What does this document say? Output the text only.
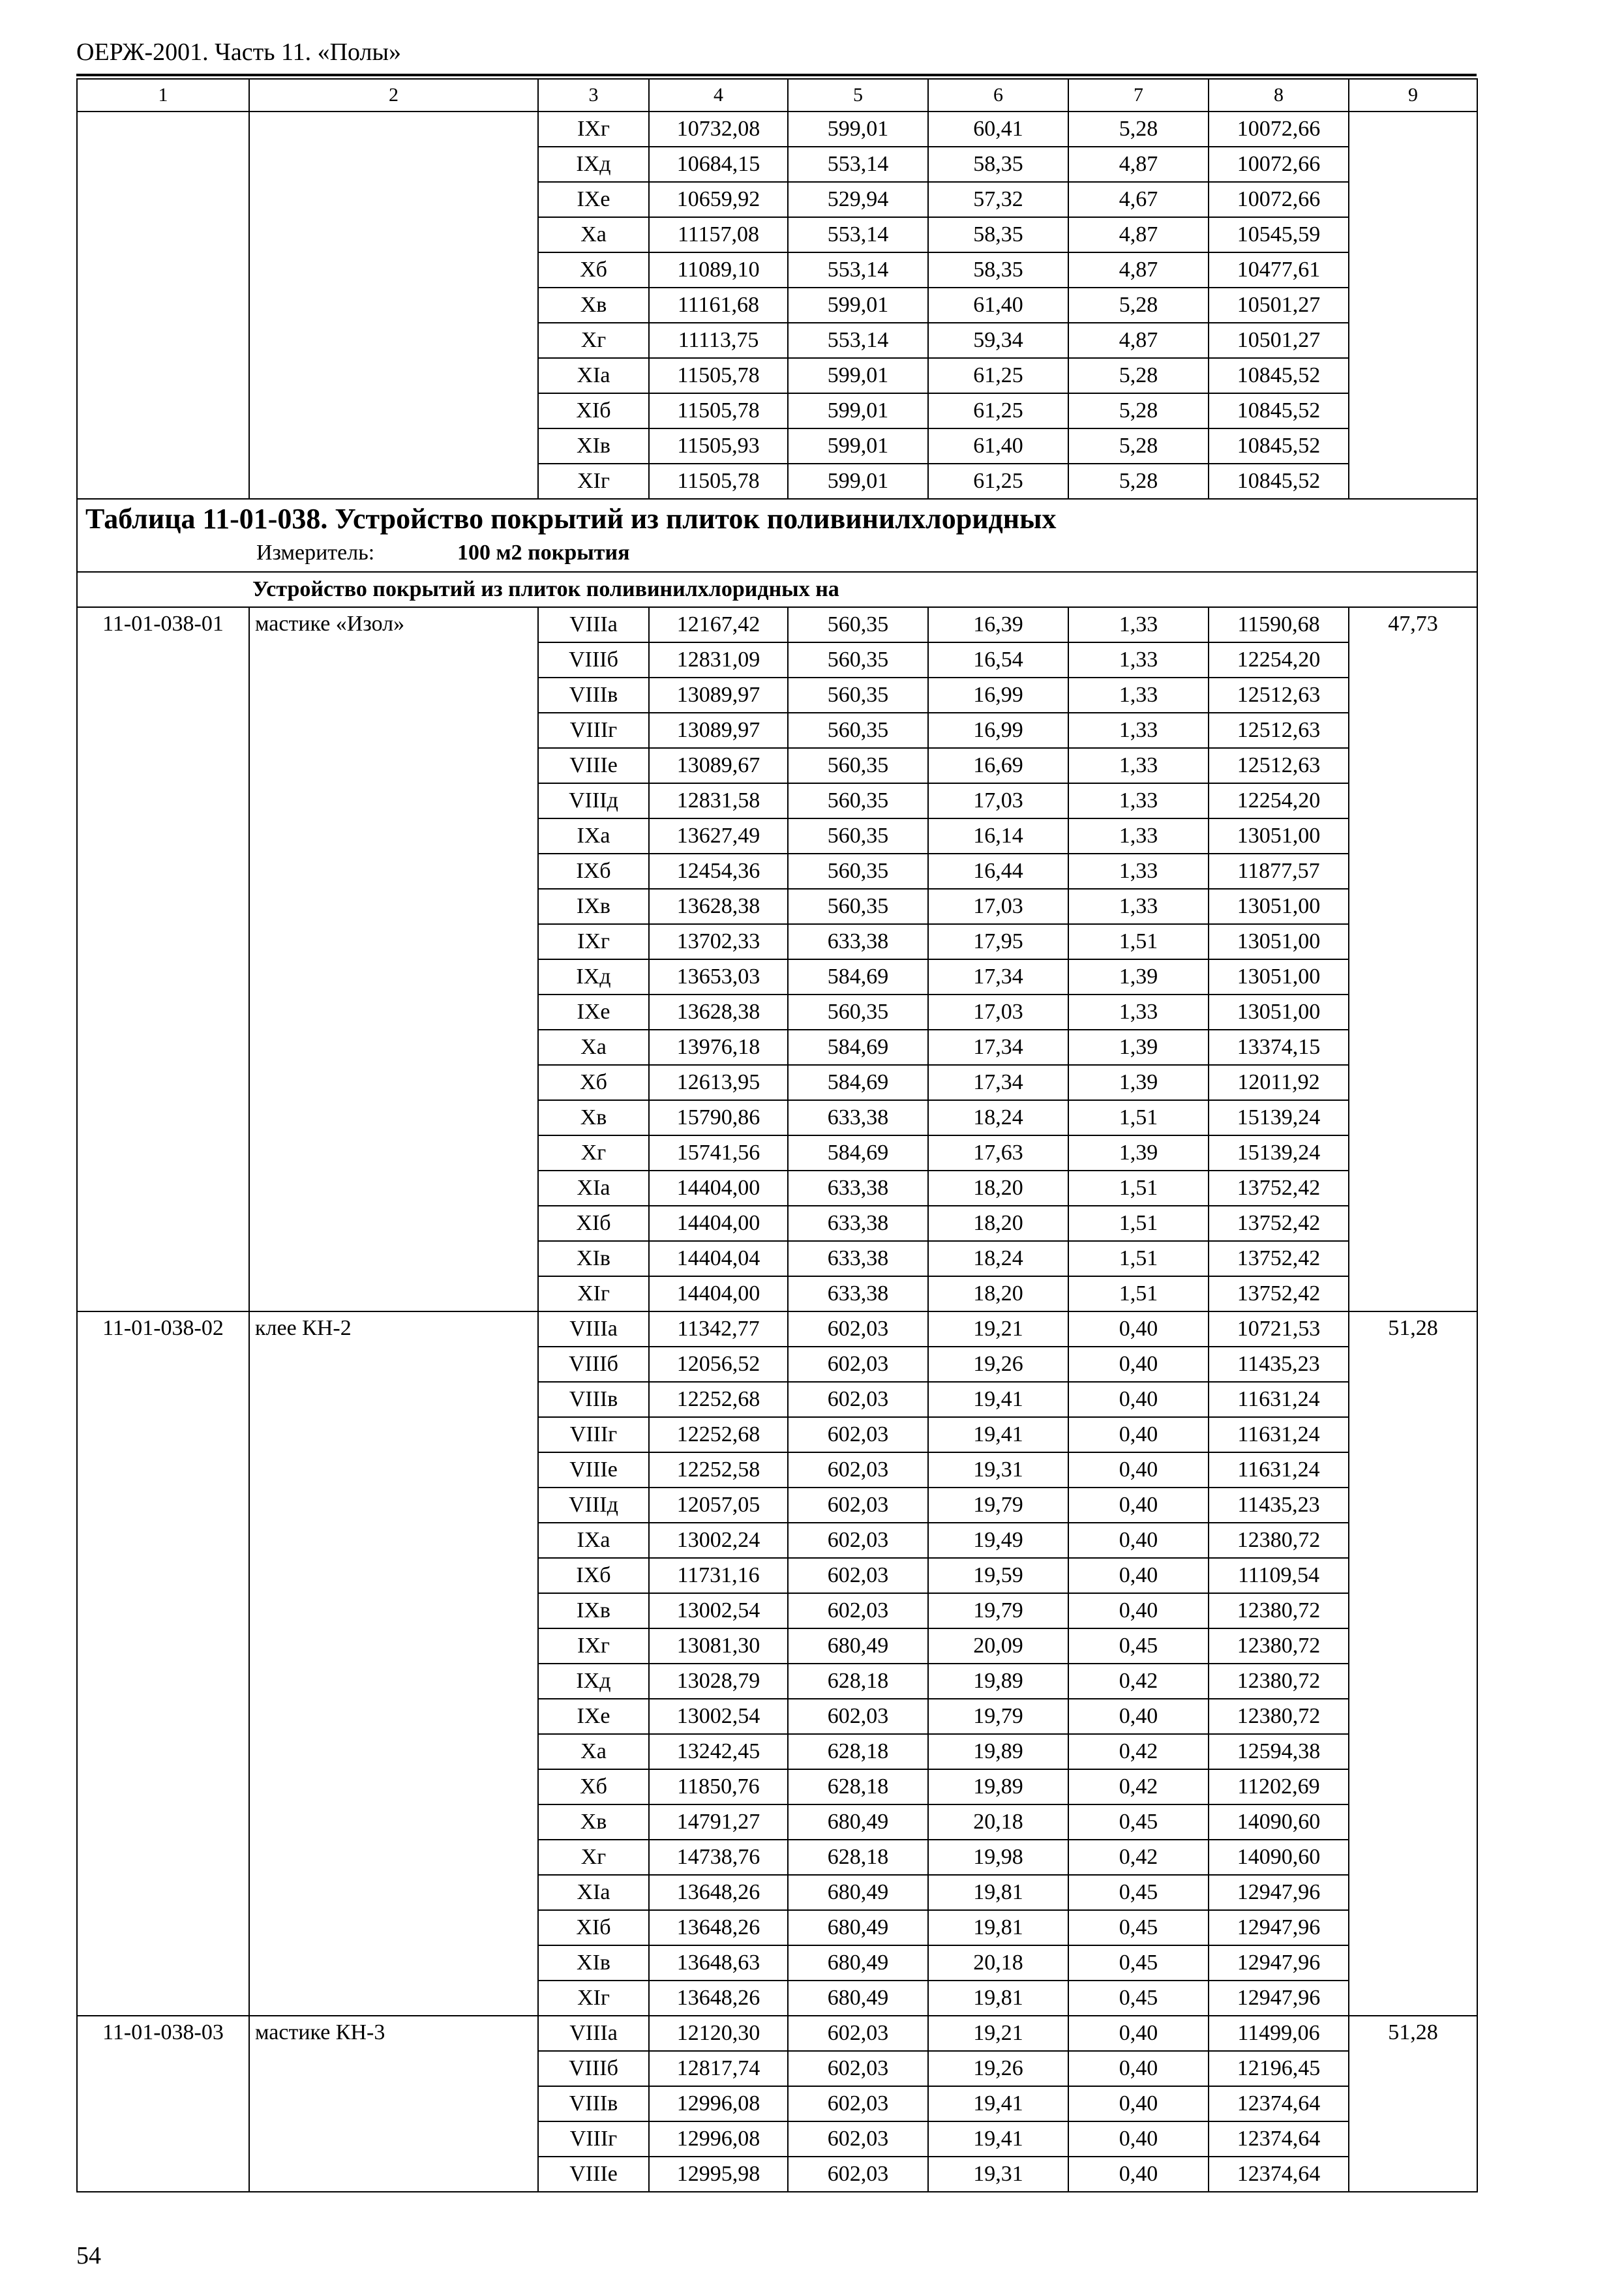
ОЕРЖ-2001. Часть 11. «Полы»
1	2	3	4	5	6	7	8	9
		IXг	10732,08	599,01	60,41	5,28	10072,66	
		IXд	10684,15	553,14	58,35	4,87	10072,66	
		IXе	10659,92	529,94	57,32	4,67	10072,66	
		Xа	11157,08	553,14	58,35	4,87	10545,59	
		Xб	11089,10	553,14	58,35	4,87	10477,61	
		Xв	11161,68	599,01	61,40	5,28	10501,27	
		Xг	11113,75	553,14	59,34	4,87	10501,27	
		XIа	11505,78	599,01	61,25	5,28	10845,52	
		XIб	11505,78	599,01	61,25	5,28	10845,52	
		XIв	11505,93	599,01	61,40	5,28	10845,52	
		XIг	11505,78	599,01	61,25	5,28	10845,52	

Таблица 11-01-038. Устройство покрытий из плиток поливинилхлоридных
Измеритель: 100 м2 покрытия								

Устройство покрытий из плиток поливинилхлоридных на								
11-01-038-01	мастике «Изол»	VIIIа	12167,42	560,35	16,39	1,33	11590,68	47,73
		VIIIб	12831,09	560,35	16,54	1,33	12254,20	
		VIIIв	13089,97	560,35	16,99	1,33	12512,63	
		VIIIг	13089,97	560,35	16,99	1,33	12512,63	
		VIIIе	13089,67	560,35	16,69	1,33	12512,63	
		VIIIд	12831,58	560,35	17,03	1,33	12254,20	
		IXа	13627,49	560,35	16,14	1,33	13051,00	
		IXб	12454,36	560,35	16,44	1,33	11877,57	
		IXв	13628,38	560,35	17,03	1,33	13051,00	
		IXг	13702,33	633,38	17,95	1,51	13051,00	
		IXд	13653,03	584,69	17,34	1,39	13051,00	
		IXе	13628,38	560,35	17,03	1,33	13051,00	
		Xа	13976,18	584,69	17,34	1,39	13374,15	
		Xб	12613,95	584,69	17,34	1,39	12011,92	
		Xв	15790,86	633,38	18,24	1,51	15139,24	
		Xг	15741,56	584,69	17,63	1,39	15139,24	
		XIа	14404,00	633,38	18,20	1,51	13752,42	
		XIб	14404,00	633,38	18,20	1,51	13752,42	
		XIв	14404,04	633,38	18,24	1,51	13752,42	
		XIг	14404,00	633,38	18,20	1,51	13752,42	
11-01-038-02	клее КН-2	VIIIа	11342,77	602,03	19,21	0,40	10721,53	51,28
		VIIIб	12056,52	602,03	19,26	0,40	11435,23	
		VIIIв	12252,68	602,03	19,41	0,40	11631,24	
		VIIIг	12252,68	602,03	19,41	0,40	11631,24	
		VIIIе	12252,58	602,03	19,31	0,40	11631,24	
		VIIIд	12057,05	602,03	19,79	0,40	11435,23	
		IXа	13002,24	602,03	19,49	0,40	12380,72	
		IXб	11731,16	602,03	19,59	0,40	11109,54	
		IXв	13002,54	602,03	19,79	0,40	12380,72	
		IXг	13081,30	680,49	20,09	0,45	12380,72	
		IXд	13028,79	628,18	19,89	0,42	12380,72	
		IXе	13002,54	602,03	19,79	0,40	12380,72	
		Xа	13242,45	628,18	19,89	0,42	12594,38	
		Xб	11850,76	628,18	19,89	0,42	11202,69	
		Xв	14791,27	680,49	20,18	0,45	14090,60	
		Xг	14738,76	628,18	19,98	0,42	14090,60	
		XIа	13648,26	680,49	19,81	0,45	12947,96	
		XIб	13648,26	680,49	19,81	0,45	12947,96	
		XIв	13648,63	680,49	20,18	0,45	12947,96	
		XIг	13648,26	680,49	19,81	0,45	12947,96	
11-01-038-03	мастике КН-3	VIIIа	12120,30	602,03	19,21	0,40	11499,06	51,28
		VIIIб	12817,74	602,03	19,26	0,40	12196,45	
		VIIIв	12996,08	602,03	19,41	0,40	12374,64	
		VIIIг	12996,08	602,03	19,41	0,40	12374,64	
		VIIIе	12995,98	602,03	19,31	0,40	12374,64	
54
